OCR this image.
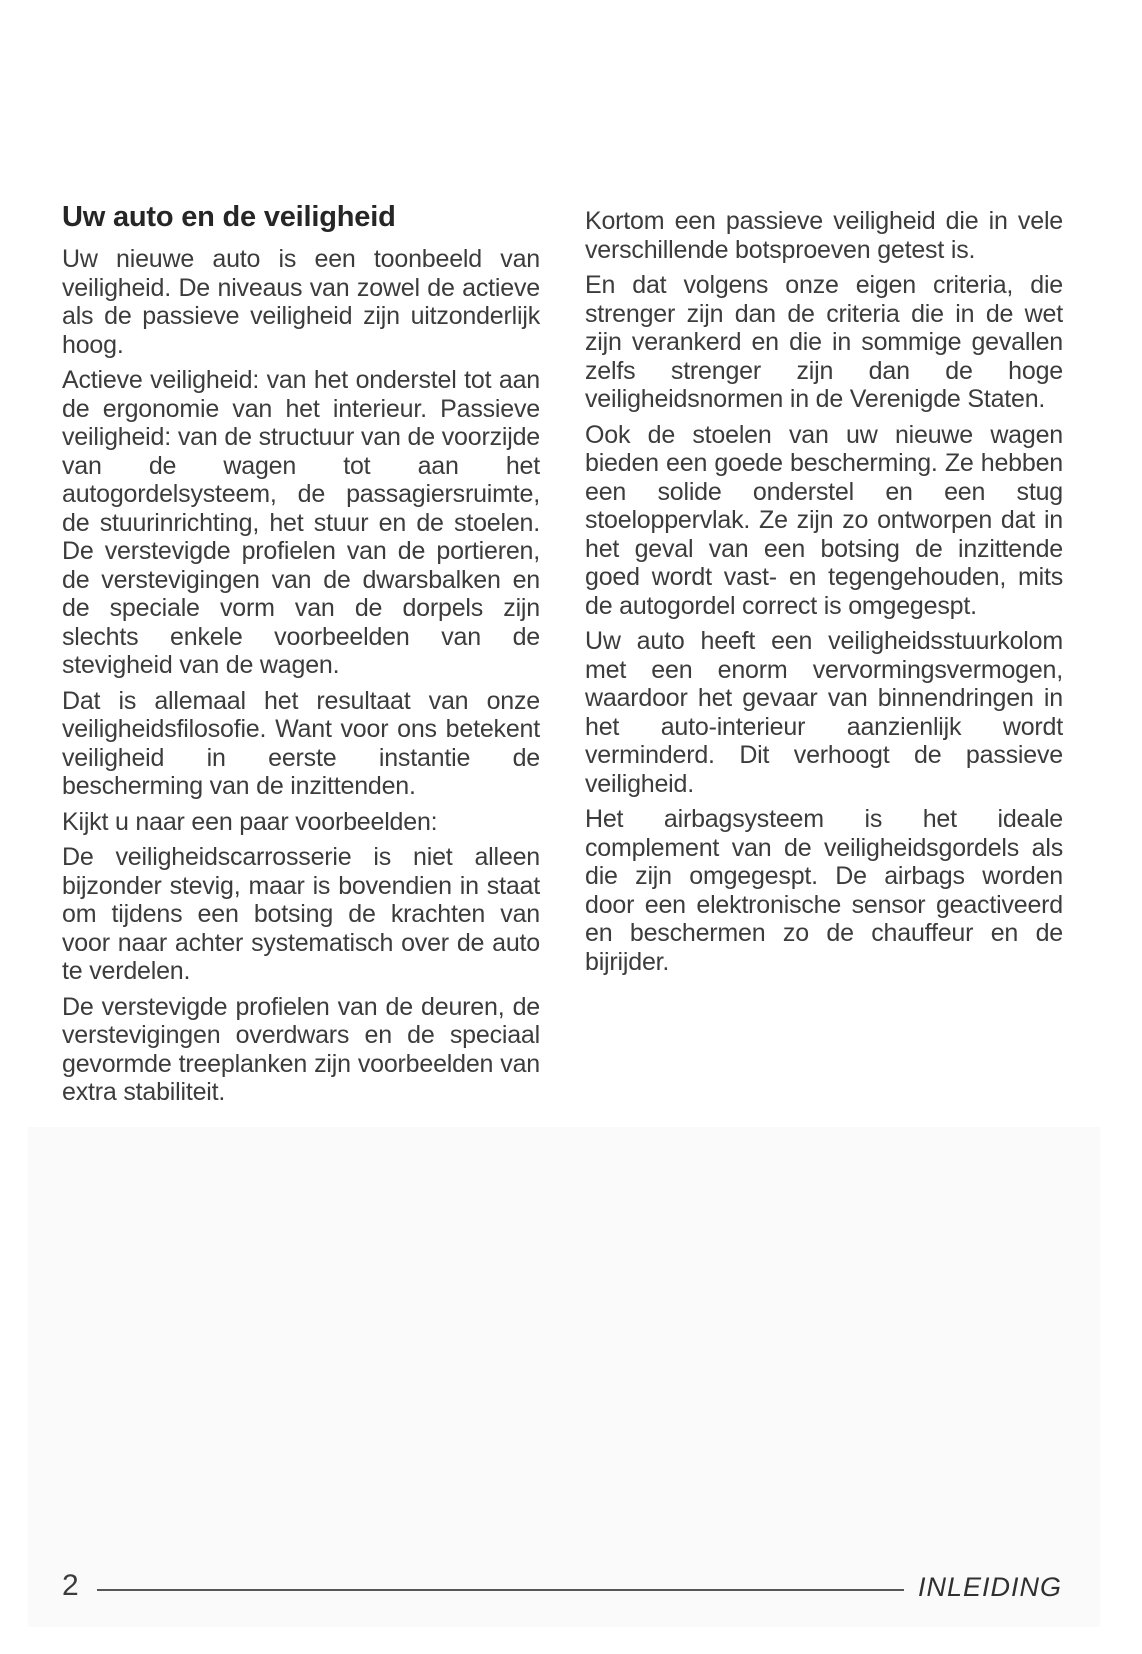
Uw auto en de veiligheid

Uw nieuwe auto is een toonbeeld van veiligheid. De niveaus van zowel de actieve als de passieve veiligheid zijn uitzonderlijk hoog.

Actieve veiligheid: van het onderstel tot aan de ergonomie van het interieur. Passieve veiligheid: van de structuur van de voorzijde van de wagen tot aan het autogordelsysteem, de passagiersruimte, de stuurinrichting, het stuur en de stoelen. De verstevigde profielen van de portieren, de verstevigingen van de dwarsbalken en de speciale vorm van de dorpels zijn slechts enkele voorbeelden van de stevigheid van de wagen.

Dat is allemaal het resultaat van onze veiligheidsfilosofie. Want voor ons betekent veiligheid in eerste instantie de bescherming van de inzittenden.

Kijkt u naar een paar voorbeelden:

De veiligheidscarrosserie is niet alleen bijzonder stevig, maar is bovendien in staat om tijdens een botsing de krachten van voor naar achter systematisch over de auto te verdelen.

De verstevigde profielen van de deuren, de verstevigingen overdwars en de speciaal gevormde treeplanken zijn voorbeelden van extra stabiliteit.

Kortom een passieve veiligheid die in vele verschillende botsproeven getest is.

En dat volgens onze eigen criteria, die strenger zijn dan de criteria die in de wet zijn verankerd en die in sommige gevallen zelfs strenger zijn dan de hoge veiligheidsnormen in de Verenigde Staten.

Ook de stoelen van uw nieuwe wagen bieden een goede bescherming. Ze hebben een solide onderstel en een stug stoeloppervlak. Ze zijn zo ontworpen dat in het geval van een botsing de inzittende goed wordt vast- en tegengehouden, mits de autogordel correct is omgegespt.

Uw auto heeft een veiligheidsstuurkolom met een enorm vervormingsvermogen, waardoor het gevaar van binnendringen in het auto-interieur aanzienlijk wordt verminderd. Dit verhoogt de passieve veiligheid.

Het airbagsysteem is het ideale complement van de veiligheidsgordels als die zijn omgegespt. De airbags worden door een elektronische sensor geactiveerd en beschermen zo de chauffeur en de bijrijder.

2	INLEIDING
